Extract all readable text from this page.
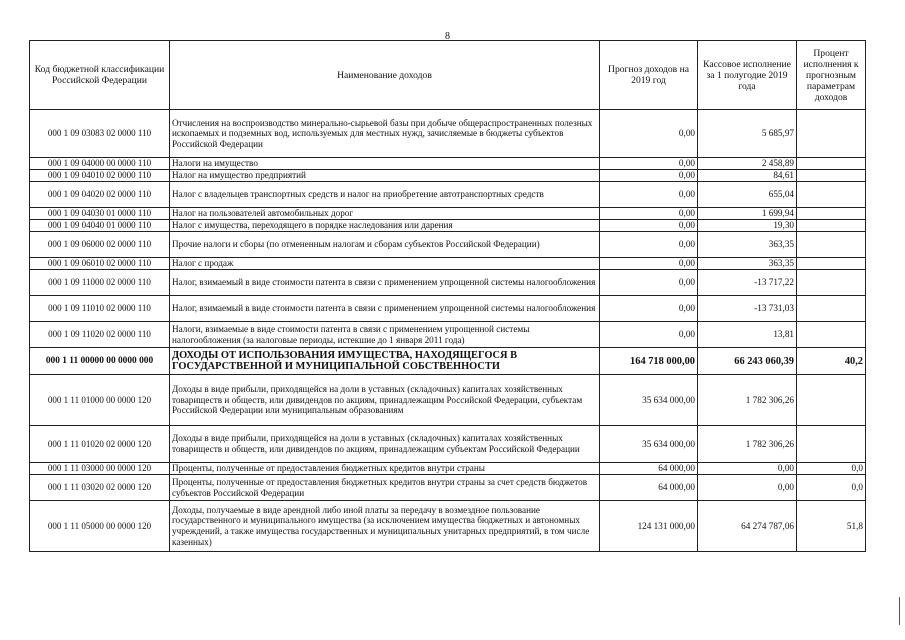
8
Код бюджетной классификации Российской Федерации	Наименование доходов	Прогноз доходов на 2019 год	Кассовое исполнение за 1 полугодие 2019 года	Процент исполнения к прогнозным параметрам доходов
000 1 09 03083 02 0000 110	Отчисления на воспроизводство минерально-сырьевой базы при добыче общераспространенных полезных ископаемых и подземных вод, используемых для местных нужд, зачисляемые в бюджеты субъектов Российской Федерации	0,00	5 685,97	
000 1 09 04000 00 0000 110	Налоги на имущество	0,00	2 458,89	
000 1 09 04010 02 0000 110	Налог на имущество предприятий	0,00	84,61	
000 1 09 04020 02 0000 110	Налог с владельцев транспортных средств и налог на приобретение автотранспортных средств	0,00	655,04	
000 1 09 04030 01 0000 110	Налог на пользователей автомобильных дорог	0,00	1 699,94	
000 1 09 04040 01 0000 110	Налог с имущества, переходящего в порядке наследования или дарения	0,00	19,30	
000 1 09 06000 02 0000 110	Прочие налоги и сборы (по отмененным налогам и сборам субъектов Российской Федерации)	0,00	363,35	
000 1 09 06010 02 0000 110	Налог с продаж	0,00	363,35	
000 1 09 11000 02 0000 110	Налог, взимаемый в виде стоимости патента в связи с применением упрощенной системы налогообложения	0,00	-13 717,22	
000 1 09 11010 02 0000 110	Налог, взимаемый в виде стоимости патента в связи с применением упрощенной системы налогообложения	0,00	-13 731,03	
000 1 09 11020 02 0000 110	Налоги, взимаемые в виде стоимости патента в связи с применением упрощенной системы налогообложения (за налоговые периоды, истекшие до 1 января 2011 года)	0,00	13,81	
000 1 11 00000 00 0000 000	ДОХОДЫ ОТ ИСПОЛЬЗОВАНИЯ ИМУЩЕСТВА, НАХОДЯЩЕГОСЯ В ГОСУДАРСТВЕННОЙ И МУНИЦИПАЛЬНОЙ СОБСТВЕННОСТИ	164 718 000,00	66 243 060,39	40,2
000 1 11 01000 00 0000 120	Доходы в виде прибыли, приходящейся на доли в уставных (складочных) капиталах хозяйственных товариществ и обществ, или дивидендов по акциям, принадлежащим Российской Федерации, субъектам Российской Федерации или муниципальным образованиям	35 634 000,00	1 782 306,26	
000 1 11 01020 02 0000 120	Доходы в виде прибыли, приходящейся на доли в уставных (складочных) капиталах хозяйственных товариществ и обществ, или дивидендов по акциям, принадлежащим субъектам Российской Федерации	35 634 000,00	1 782 306,26	
000 1 11 03000 00 0000 120	Проценты, полученные от предоставления бюджетных кредитов внутри страны	64 000,00	0,00	0,0
000 1 11 03020 02 0000 120	Проценты, полученные от предоставления бюджетных кредитов внутри страны за счет средств бюджетов субъектов Российской Федерации	64 000,00	0,00	0,0
000 1 11 05000 00 0000 120	Доходы, получаемые в виде арендной либо иной платы за передачу в возмездное пользование государственного и муниципального имущества (за исключением имущества бюджетных и автономных учреждений, а также имущества государственных и муниципальных унитарных предприятий, в том числе казенных)	124 131 000,00	64 274 787,06	51,8
